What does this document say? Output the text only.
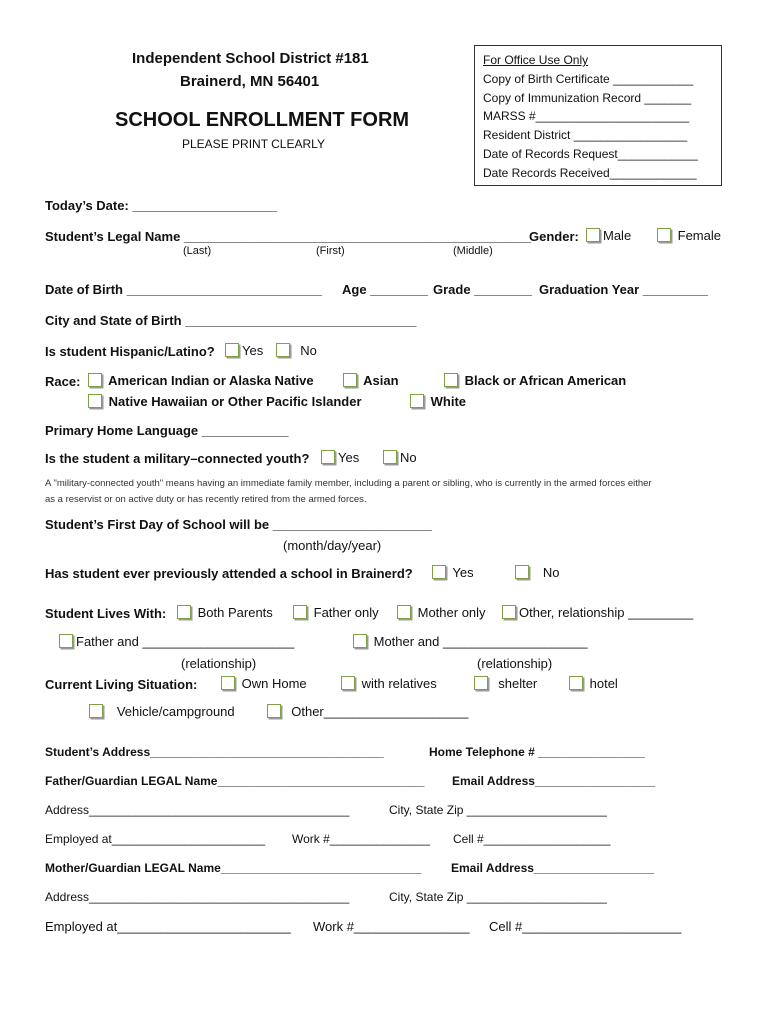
Independent School District #181
Brainerd, MN 56401
SCHOOL ENROLLMENT FORM
PLEASE PRINT CLEARLY
For Office Use Only
Copy of Birth Certificate ____________
Copy of Immunization Record _______
MARSS #_______________________
Resident District _________________
Date of Records Request____________
Date Records Received_____________
Today’s Date: ____________________
Student’s Legal Name ________________________________________________
(Last)	(First)	(Middle)
Gender:	Male	Female
Date of Birth ___________________________ Age ________ Grade ________ Graduation Year _________
City and State of Birth ________________________________
Is student Hispanic/Latino?	Yes	No
Race:	American Indian or Alaska Native	Asian	Black or African American
Native Hawaiian or Other Pacific Islander	White
Primary Home Language ____________
Is the student a military–connected youth?	Yes	No
A "military-connected youth" means having an immediate family member, including a parent or sibling, who is currently in the armed forces either
as a reservist or on active duty or has recently retired from the armed forces.
Student’s First Day of School will be ______________________
(month/day/year)
Has student ever previously attended a school in Brainerd?	Yes	No
Student Lives With:	Both Parents	Father only	Mother only	Other, relationship _________
Father and _____________________	Mother and ____________________
(relationship)	(relationship)
Current Living Situation:	Own Home	with relatives	shelter	hotel
Vehicle/campground	Other____________________
Student’s Address___________________________________	Home Telephone # ________________
Father/Guardian LEGAL Name_______________________________ Email Address__________________
Address_______________________________________	City, State Zip _____________________
Employed at_______________________ Work #_______________ Cell #___________________
Mother/Guardian LEGAL Name______________________________ Email Address__________________
Address_______________________________________	City, State Zip _____________________
Employed at________________________ Work #________________ Cell #______________________
